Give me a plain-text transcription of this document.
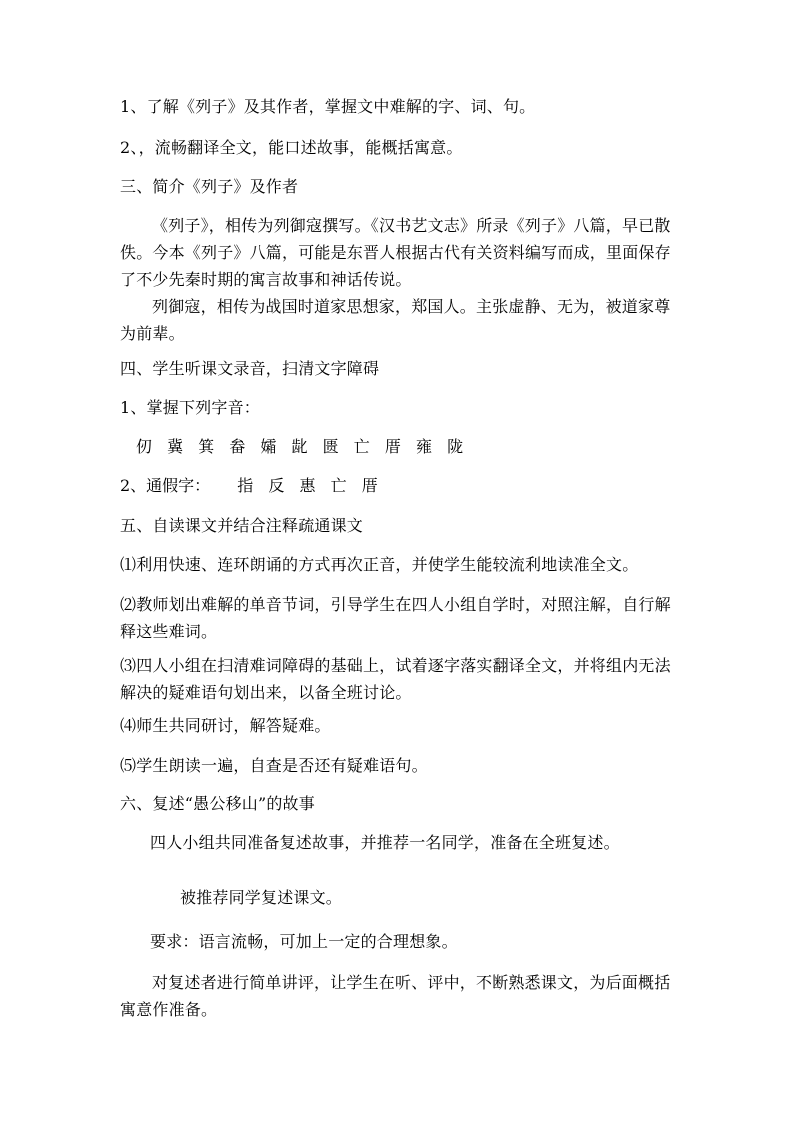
1、了解《列子》及其作者，掌握文中难解的字、词、句。
2、，流畅翻译全文，能口述故事，能概括寓意。
三、简介《列子》及作者
《列子》，相传为列御寇撰写。《汉书艺文志》所录《列子》八篇，早已散佚。今本《列子》八篇，可能是东晋人根据古代有关资料编写而成，里面保存了不少先秦时期的寓言故事和神话传说。
列御寇，相传为战国时道家思想家，郑国人。主张虚静、无为，被道家尊为前辈。
四、学生听课文录音，扫清文字障碍
1、掌握下列字音：
仞 冀 箕 畚 孀 龀 匮 亡 厝 雍 陇
2、通假字： 指 反 惠 亡 厝
五、自读课文并结合注释疏通课文
⑴利用快速、连环朗诵的方式再次正音，并使学生能较流利地读准全文。
⑵教师划出难解的单音节词，引导学生在四人小组自学时，对照注解，自行解释这些难词。
⑶四人小组在扫清难词障碍的基础上，试着逐字落实翻译全文，并将组内无法解决的疑难语句划出来，以备全班讨论。
⑷师生共同研讨，解答疑难。
⑸学生朗读一遍，自查是否还有疑难语句。
六、复述“愚公移山”的故事
四人小组共同准备复述故事，并推荐一名同学，准备在全班复述。
被推荐同学复述课文。
要求：语言流畅，可加上一定的合理想象。
对复述者进行简单讲评，让学生在听、评中，不断熟悉课文，为后面概括寓意作准备。
